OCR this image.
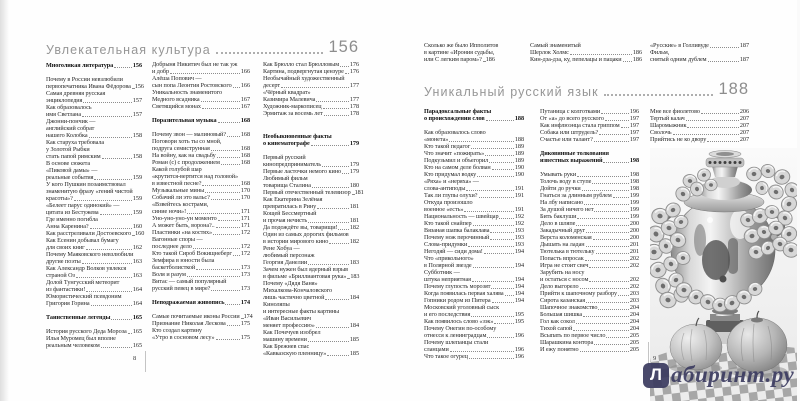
Увлекательная культура	156
Уникальный русский язык	188
Многоликая литература	156
Почему в России невзлюбили
первопечатника Ивана Фёдорова 156
Самая древняя русская
энциклопедия	157
Как образовалось
имя Светлана	157
Джонни-пончик —
английский собрат
нашего Колобка	158
Как старуха требовала
у Золотой Рыбки
стать папой римским	158
В основе сюжета
«Пиковой дамы» —
реальные события	159
У кого Пушкин позаимствовал
знаменитую фразу «гений чистой
красоты»?	159
«Белеет парус одинокий» —
цитата из Бестужева	159
Где именно погибла
Анна Каренина?	160
Как расстреливали Достоевского 160
Как Есенин добывал бумагу
для своих книг	162
Почему Маяковского невзлюбили
другие поэты	163
Как Александр Волков увлекся
страной Оз	163
Долой Тунгусский метеорит
из фантастики!	164
Юмористический псевдоним
Григория Горина	164
Таинственные легенды	165
История русского Деда Мороза 165
Илья Муромец был вполне
реальным человеком	165
Добрыня Никитич был не так уж
и добр	166
Алёша Попович —
сын попа Леонтия Ростовского 166
Уникальность знаменитого
Медного всадника	167
Светящийся монах	167
Поразительная музыка	168
Почему звон — малиновый? 168
Поговори хоть ты со мной,
подруга семиструнная	168
На войну, как на свадьбу	168
Роман (с) с продолжением	168
Какой голубой шар
«крутится-вертится над головой»
в известной песне?	168
Музыкальные мины	170
Собачий ли это вальс?	170
«Взвейтесь кострами,
синие ночи»!	171
Уно-уно-уно-ун моменто	171
А может быть, ворона?..	171
Пластинки «на костях»	172
Вагонные споры —
последнее дело	172
Кто такой Сироб Вокищнеберг 172
Земфира в юности была
баскетболисткой	173
Воля и разум	173
Витас — самый популярный
русский певец в мире?	173
Неподражаемая живопись	174
Самые почитаемые иконы России 174
Признание Николая Лескова 175
Кто создал картину
«Утро в сосновом лесу»	175
Как Брюлло стал Брюлловым 176
Картина, подвергнутая цензуре 176
Необычайный художественный
десерт	177
«Чёрный квадрат»
Казимира Малевича	177
Художник-маркописец	178
Эрмитаж за восемь лет	178
Необыкновенные факты
о кинематографе	179
Первый русский
кинопредприниматель	179
Первые ласточки немого кино 179
Любимый фильм
товарища Сталина	180
Первый отечественный телевизор 181
Как Екатерина Зелёная
превратилась в Рину	181
Кощей Бессмертный
и прочая нечисть	181
Да подождёте вы, товарищи! 182
Один из самых дорогих фильмов
в истории мирового кино	182
Рене Хобуа —
любимый персонаж
Георгия Данелии	183
Зачем нужен был ядерный взрыв
в фильме «Бриллиантовая рука» 183
Почему «Дядя Ваня»
Михалкова-Кончаловского
лишь частично цветной	184
Киноляпы
и интересные факты картины
«Иван Васильевич
меняет профессию»	184
Как Почечуев изобрел
машину времени	185
Как Брежнев спас
«Кавказскую пленницу»	185
Сколько же было Ипполитов
в картине «Ирония судьбы,
или С легким паром»? 186
Самый знаменитый
Шерлок Холмс	186
Кин-дза-дза, ку, пепелацы и пацаки 186
«Русские» в Голливуде	187
Фильм,
снятый одним дублем	187
Парадоксальные факты
о происхождении слов	188
Как образовалось слово
«монета»	188
Кто такой педагог	189
Что значит «пожирать»	189
Подкузьмил и объегорил	189
Кто на самом деле болван	190
Кто придумал водку	190
«Ряха» и «неряха» —
слова-антиподы	191
Так ли глупы олухи?	191
Откуда произошло
военное «есть»	191
Национальность — швейцар	192
Кто такой снайпер	192
Вязаная шапка балаклава	193
Почему нож перочинный	193
Слова-придумки	193
Негодяй — сиди дома!	194
Что «прикольного»
в Полярной звезде	194
Субботник —
штука неприятная	194
Почему глупость морозят	194
Когда появилась первая халява 194
Гопники родом из Питера	194
Московский уголовный сыск
и его последствия	195
Как появилось слово «зэк»	195
Почему Онегин по-особому
отнесся к ленинградцам	196
Почему шлепанцы стали
сланцами	196
Что такое огурец	196
Путаница с колготками	196
От «а» до всего русского	197
Как инфлюэнца стала гриппом 197
Собака или штрудель?	197
Счастье или талант?	197
Диковинные толкования
известных выражений	198
Умывать руки	198
Толочь воду в ступе	198
Дойти до ручки	198
Гнаться за длинным рублем	199
На лбу написано	199
За душой ничего нет	199
Бить баклуши	199
Дело в шляпе	200
Закадычный друг	200
Верста коломенская	200
Дышать на ладан	201
Тютелька в тютельку	201
Попасть впросак	202
Игра не стоит свеч	202
Зарубить на носу
и остаться с носом	202
Дело выгорело	202
Прийти к шапочному разбору 203
Сирота казанская	203
Шапочное знакомство	204
Большая шишка	204
Гол как сокол	204
Тихой сапой	204
Всыпать по первое число	205
Шарашкина контора	205
И ежу понятно	205
Мне все фиолетово	206
Тертый калач	207
Шаромыжник	207
Сволочь	207
Прийтись не ко двору	207
8	9
Л абиринт.ру
